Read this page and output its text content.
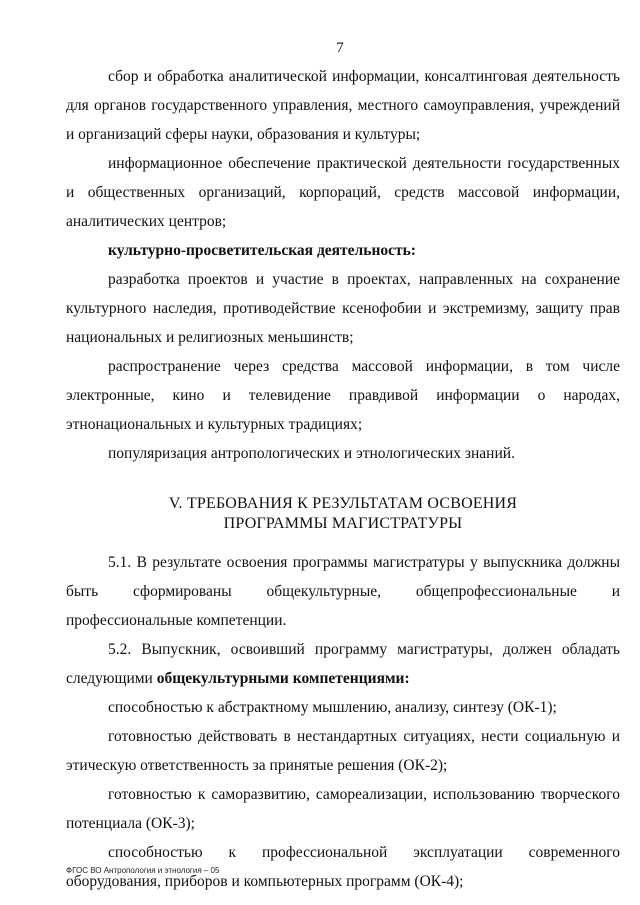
7

сбор и обработка аналитической информации, консалтинговая деятельность для органов государственного управления, местного самоуправления, учреждений и организаций сферы науки, образования и культуры;

информационное обеспечение практической деятельности государственных и общественных организаций, корпораций, средств массовой информации, аналитических центров;

культурно-просветительская деятельность:

разработка проектов и участие в проектах, направленных на сохранение культурного наследия, противодействие ксенофобии и экстремизму, защиту прав национальных и религиозных меньшинств;

распространение через средства массовой информации, в том числе электронные, кино и телевидение правдивой информации о народах, этнонациональных и культурных традициях;

популяризация антропологических и этнологических знаний.

V. ТРЕБОВАНИЯ К РЕЗУЛЬТАТАМ ОСВОЕНИЯ
ПРОГРАММЫ МАГИСТРАТУРЫ

5.1. В результате освоения программы магистратуры у выпускника должны быть сформированы общекультурные, общепрофессиональные и профессиональные компетенции.

5.2. Выпускник, освоивший программу магистратуры, должен обладать следующими общекультурными компетенциями:

способностью к абстрактному мышлению, анализу, синтезу (ОК-1);

готовностью действовать в нестандартных ситуациях, нести социальную и этическую ответственность за принятые решения (ОК-2);

готовностью к саморазвитию, самореализации, использованию творческого потенциала (ОК-3);

способностью к профессиональной эксплуатации современного оборудования, приборов и компьютерных программ (ОК-4);

ФГОС ВО Антропология и этнология – 05
